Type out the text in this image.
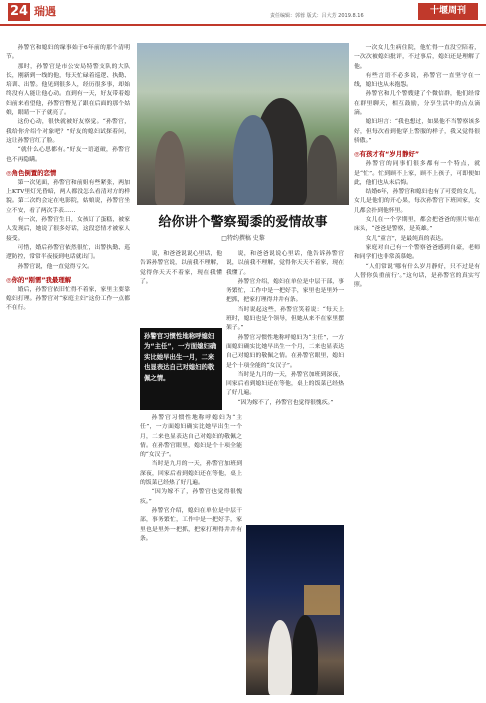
24 瑞遇	责任编辑：郭蓉 版式：吕大芳 2019.8.16	十堰周刊

孙警官和媳妇的缘事始于6年前的那个清明节。

那时，孙警官是市公安局特警支队的大队长，刚新到一线的他，每天忙碌着巡逻、执勤、培训、出警。他见到很多人，经历很多事，却始终没有人能让他心动。直到有一天，好友带着媳妇前来看望他，孙警官瞥见了跟在后面的那个姑娘，眼睛一下子就亮了。

这份心动，很快就被好友察觉。“孙警官，我给你介绍个对象吧？”好友的媳妇试探着问，这让孙警官红了脸。

“就什么心思都有。”好友一语道破，孙警官也不再隐瞒。

◎角色倒置的恋情

第一次见面，孙警官和前姐有些紧张，两加上KTV里灯光昏暗，两人都没怎么看清对方的样貌。第二次约会定在电影院，姑娘说，孙警官坐立不安，看了两次手表……

有一次，孙警官生日，女孩订了蛋糕，被家人发现后，她说了很多好话，这段恋情才被家人接受。

可惜，婚后孙警官依然很忙，出警执勤、巡逻防控，常常半夜接到电话就出门。

孙警官说，他一直觉得亏欠。

◎你的“刚需”我最理解

婚后，孙警官依旧忙得不着家，家里主要靠媳妇打理。孙警官对“家庭主妇”这份工作一点都不在行。

给你讲个警察蜀黍的爱情故事
□特约撰稿 史黎

说，和爸爸说说心里话，他告诉孙警官说，以前我不理解，觉得你天天不着家，现在我懂了。

孙警官介绍，媳妇在单位是中层干部，事务繁忙，工作中是一把好手，家里也是里外一把抓，把家打理得井井有条。

当时说起这些，孙警官笑着说：“每天上班时，媳妇也是个领导，但她从来不在家里摆架子。”

孙警官习惯性地称呼媳妇为“主任”，一方面媳妇确实比她早出生一个月，二来也显表达自己对媳妇的敬佩之情。在孙警官眼里，媳妇是个十项全能的“女汉子”。

当时是九月的一天，孙警官加班到深夜，回家后看到媳妇还在等他，桌上的饭菜已经热了好几遍。

“因为嫁不了，孙警官也觉得很愧疚。”

孙警官习惯性地称呼媳妇为“主任”，一方面媳妇确实比她早出生一个月，二来也显表达自己对媳妇的敬佩之情。在孙警官眼里，媳妇是个十项全能的“女汉子”。

当时是九月的一天，孙警官加班到深夜，回家后看到媳妇还在等他，桌上的饭菜已经热了好几遍。

“因为嫁不了，孙警官也觉得很愧疚。”

孙警官介绍，媳妇在单位是中层干部，事务繁忙，工作中是一把好手，家里也是里外一把抓，把家打理得井井有条。

说，和爸爸说说心里话，他告诉孙警官说，以前我不理解，觉得你天天不着家，现在我懂了。

孙警官习惯性地称呼媳妇为“主任”，一方面媳妇确实比她早出生一月，二来也显表达自己对媳妇的敬佩之情。

一次女儿生病住院，他忙得一直没空陪着，一次次被媳妇批评，不过事后，媳妇还是理解了他。

有些言语不必多说，孙警官一直坚守在一线，媳妇也从未抱怨。

孙警官和几个警嫂建了个微信群，他们经常在群里聊天，相互鼓励，分享生活中的点点滴滴。

媳妇坦言：“我也想过，如果他不当警察该多好，但每次看到他穿上警服的样子，我又觉得很骄傲。”

◎有孩才有“岁月静好”

孙警官的同事们很多都有一个特点，就是“忙”。忙到顾不上家，顾不上孩子，可即便如此，他们也从未后悔。

结婚6年，孙警官和媳妇也有了可爱的女儿，女儿是他们的开心果，每次孙警官下班回家，女儿都会扑到他怀里。

女儿在一个学期里，都会把爸爸的照片贴在床头，“爸爸是警察，是英雄。”

女儿“童言”，是最纯真的表达。

家庭对自己有一个警察爸爸感到自豪，老师和同学们也非常羡慕她。

“人们常说‘哪有什么岁月静好，只不过是有人替你负重前行’。”这句话，是孙警官的真实写照。
